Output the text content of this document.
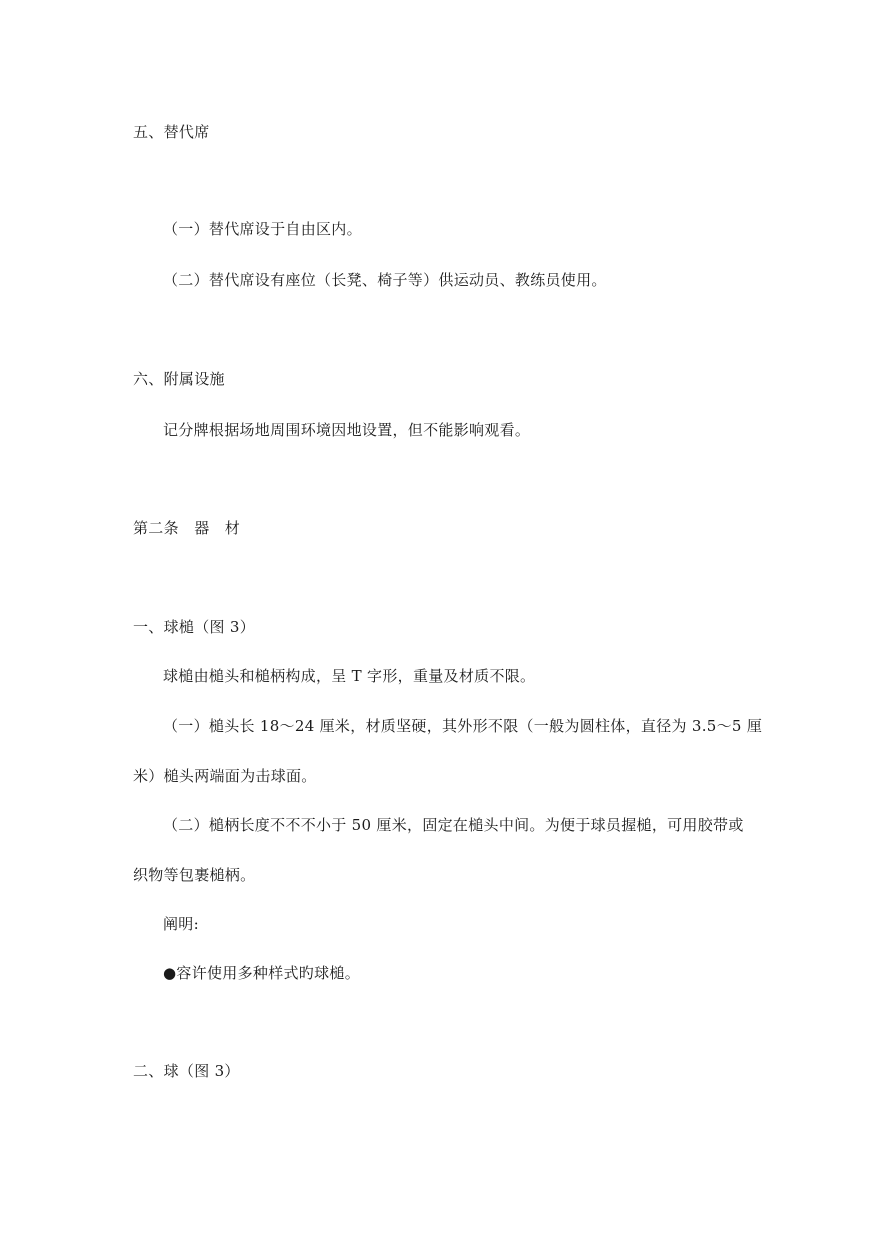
五、替代席
（一）替代席设于自由区内。
（二）替代席设有座位（长凳、椅子等）供运动员、教练员使用。
六、附属设施
记分牌根据场地周围环境因地设置，但不能影响观看。
第二条　器　材
一、球槌（图 3）
球槌由槌头和槌柄构成，呈 T 字形，重量及材质不限。
（一）槌头长 18～24 厘米，材质坚硬，其外形不限（一般为圆柱体，直径为 3.5～5 厘
米）槌头两端面为击球面。
（二）槌柄长度不不不小于 50 厘米，固定在槌头中间。为便于球员握槌，可用胶带或
织物等包裹槌柄。
阐明:
●容许使用多种样式旳球槌。
二、球（图 3）
